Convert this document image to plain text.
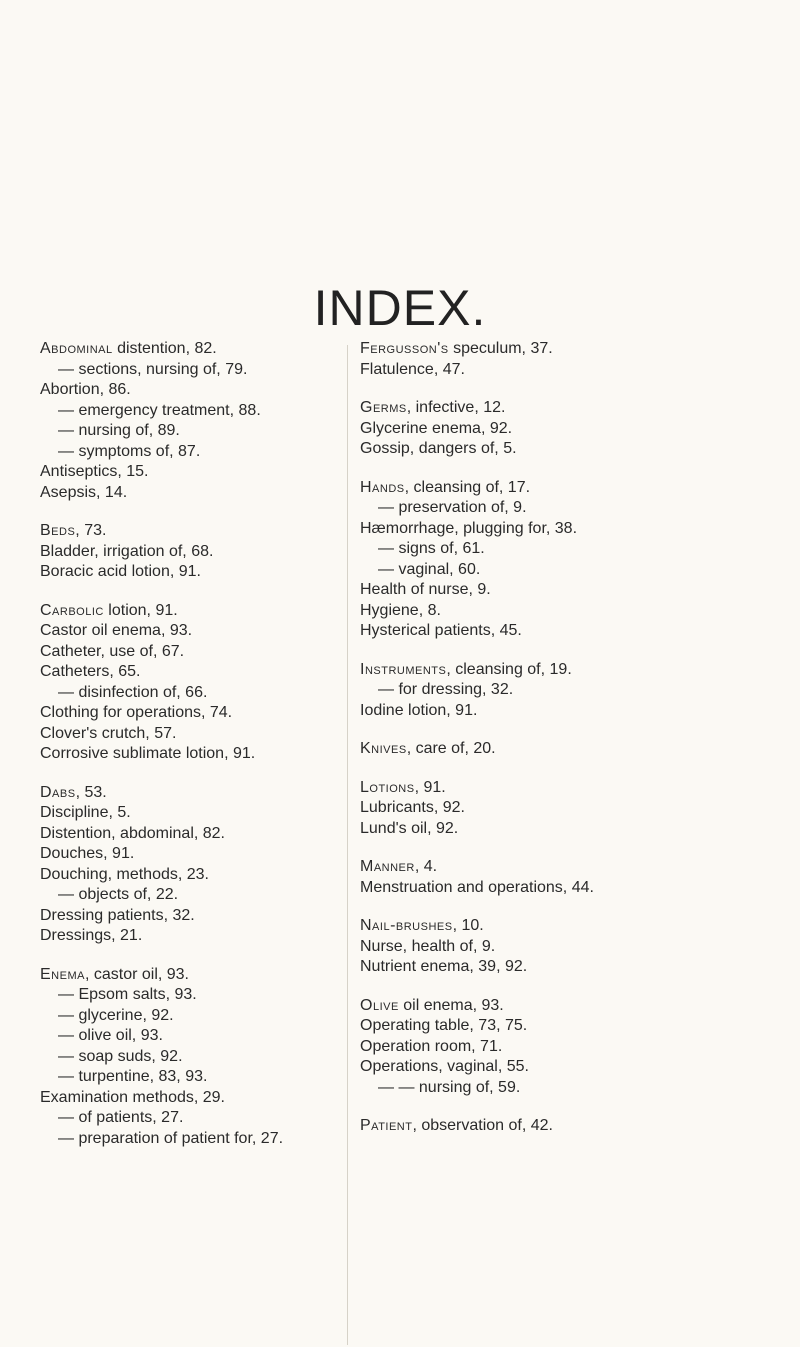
INDEX.
Abdominal distention, 82.
— sections, nursing of, 79.
Abortion, 86.
— emergency treatment, 88.
— nursing of, 89.
— symptoms of, 87.
Antiseptics, 15.
Asepsis, 14.
Beds, 73.
Bladder, irrigation of, 68.
Boracic acid lotion, 91.
Carbolic lotion, 91.
Castor oil enema, 93.
Catheter, use of, 67.
Catheters, 65.
— disinfection of, 66.
Clothing for operations, 74.
Clover's crutch, 57.
Corrosive sublimate lotion, 91.
Dabs, 53.
Discipline, 5.
Distention, abdominal, 82.
Douches, 91.
Douching, methods, 23.
— objects of, 22.
Dressing patients, 32.
Dressings, 21.
Enema, castor oil, 93.
— Epsom salts, 93.
— glycerine, 92.
— olive oil, 93.
— soap suds, 92.
— turpentine, 83, 93.
Examination methods, 29.
— of patients, 27.
— preparation of patient for, 27.
Fergusson's speculum, 37.
Flatulence, 47.
Germs, infective, 12.
Glycerine enema, 92.
Gossip, dangers of, 5.
Hands, cleansing of, 17.
— preservation of, 9.
Hæmorrhage, plugging for, 38.
— signs of, 61.
— vaginal, 60.
Health of nurse, 9.
Hygiene, 8.
Hysterical patients, 45.
Instruments, cleansing of, 19.
— for dressing, 32.
Iodine lotion, 91.
Knives, care of, 20.
Lotions, 91.
Lubricants, 92.
Lund's oil, 92.
Manner, 4.
Menstruation and operations, 44.
Nail-brushes, 10.
Nurse, health of, 9.
Nutrient enema, 39, 92.
Olive oil enema, 93.
Operating table, 73, 75.
Operation room, 71.
Operations, vaginal, 55.
— — nursing of, 59.
Patient, observation of, 42.
